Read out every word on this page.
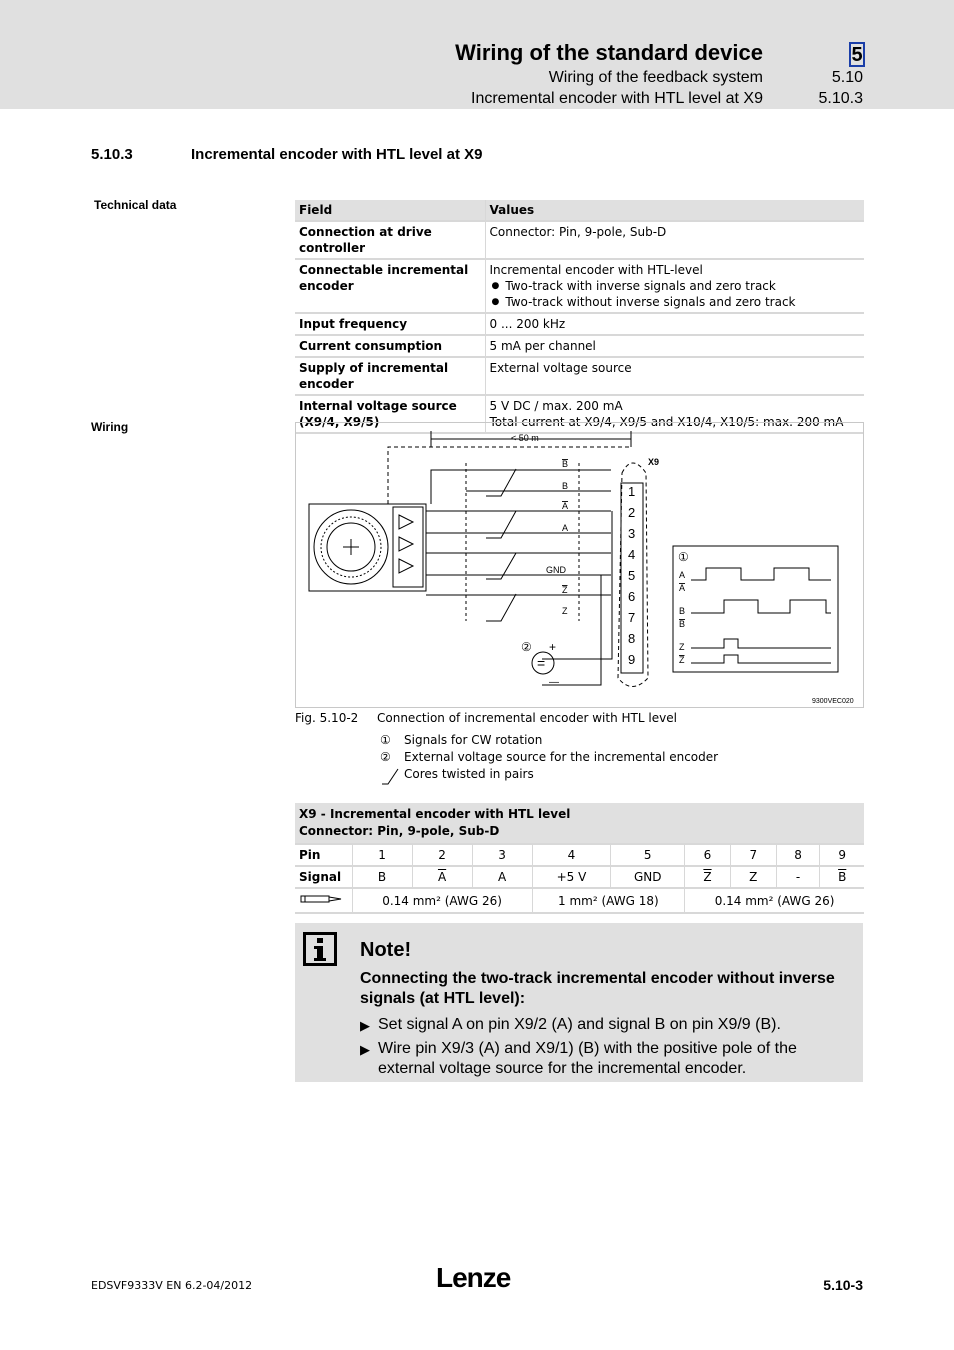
Wiring of the standard device	5
Wiring of the feedback system	5.10
Incremental encoder with HTL level at X9	5.10.3
5.10.3	Incremental encoder with HTL level at X9
Technical data	Field	Values
Connection at drive controller	Connector: Pin, 9-pole, Sub-D
Connectable incremental encoder	Incremental encoder with HTL-level
● Two-track with inverse signals and zero track
● Two-track without inverse signals and zero track

Input frequency	0 ... 200 kHz
Current consumption	5 mA per channel
Supply of incremental encoder	External voltage source
Internal voltage source (X9/4, X9/5)	5 V DC / max. 200 mA
Total current at X9/4, X9/5 and X10/4, X10/5: max. 200 mA
Wiring
< 50 m
X9
B
B
A
A
GND
Z
Z
1
2
3
4
5
6
7
8
9
② +
—
=
①
A
A
B
B
Z
Z
9300VEC020
Fig. 5.10-2 Connection of incremental encoder with HTL level
① Signals for CW rotation
② External voltage source for the incremental encoder
Cores twisted in pairs
X9 - Incremental encoder with HTL level
Connector: Pin, 9-pole, Sub-D									

Pin	1	2	3	4	5	6	7	8	9
Signal	B	$\overline{A}$	A	+5 V	GND	$\overline{Z}$	Z	-	$\overline{B}$
	0.14 mm² (AWG 26)			1 mm² (AWG 18)		0.14 mm² (AWG 26)			
Note!
Connecting the two-track incremental encoder without inverse signals (at HTL level):
▶ Set signal A on pin X9/2 (A) and signal B on pin X9/9 (B).
▶ Wire pin X9/3 (A) and X9/1) (B) with the positive pole of the external voltage source for the incremental encoder.
EDSVF9333V EN 6.2-04/2012	Lenze	5.10-3
